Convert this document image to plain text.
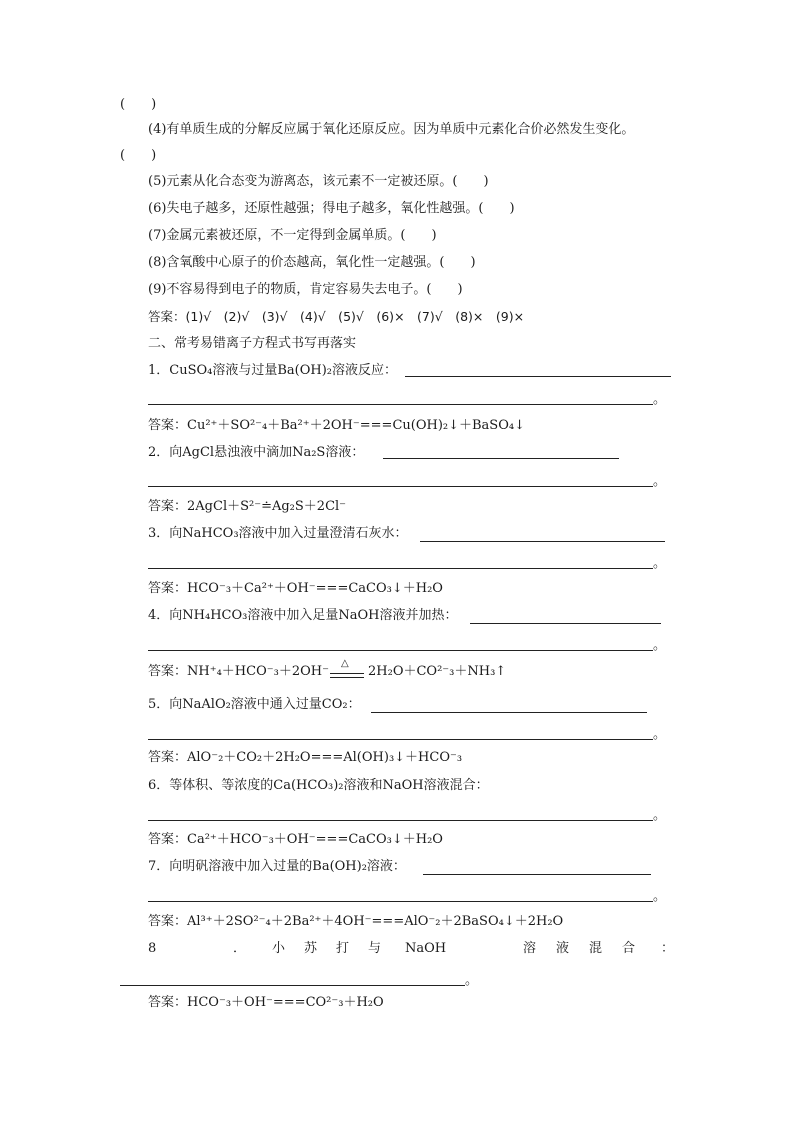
(　　)
(4)有单质生成的分解反应属于氧化还原反应。因为单质中元素化合价必然发生变化。
(　　)
(5)元素从化合态变为游离态，该元素不一定被还原。(　　)
(6)失电子越多，还原性越强；得电子越多，氧化性越强。(　　)
(7)金属元素被还原，不一定得到金属单质。(　　)
(8)含氧酸中心原子的价态越高，氧化性一定越强。(　　)
(9)不容易得到电子的物质，肯定容易失去电子。(　　)
答案：(1)√　(2)√　(3)√　(4)√　(5)√　(6)×　(7)√　(8)×　(9)×
二、常考易错离子方程式书写再落实
1．CuSO₄溶液与过量Ba(OH)₂溶液反应：
。
答案：Cu²⁺＋SO²⁻₄＋Ba²⁺＋2OH⁻===Cu(OH)₂↓＋BaSO₄↓
2．向AgCl悬浊液中滴加Na₂S溶液：
。
答案：2AgCl＋S²⁻≐Ag₂S＋2Cl⁻
3．向NaHCO₃溶液中加入过量澄清石灰水：
。
答案：HCO⁻₃＋Ca²⁺＋OH⁻===CaCO₃↓＋H₂O
4．向NH₄HCO₃溶液中加入足量NaOH溶液并加热：
。
答案：NH⁺₄＋HCO⁻₃＋2OH⁻
△
2H₂O＋CO²⁻₃＋NH₃↑
5．向NaAlO₂溶液中通入过量CO₂：
。
答案：AlO⁻₂＋CO₂＋2H₂O===Al(OH)₃↓＋HCO⁻₃
6．等体积、等浓度的Ca(HCO₃)₂溶液和NaOH溶液混合：
。
答案：Ca²⁺＋HCO⁻₃＋OH⁻===CaCO₃↓＋H₂O
7．向明矾溶液中加入过量的Ba(OH)₂溶液：
。
答案：Al³⁺＋2SO²⁻₄＋2Ba²⁺＋4OH⁻===AlO⁻₂＋2BaSO₄↓＋2H₂O
8	． 小 苏 打 与 NaOH	溶 液 混 合 ：
。
答案：HCO⁻₃＋OH⁻===CO²⁻₃＋H₂O
